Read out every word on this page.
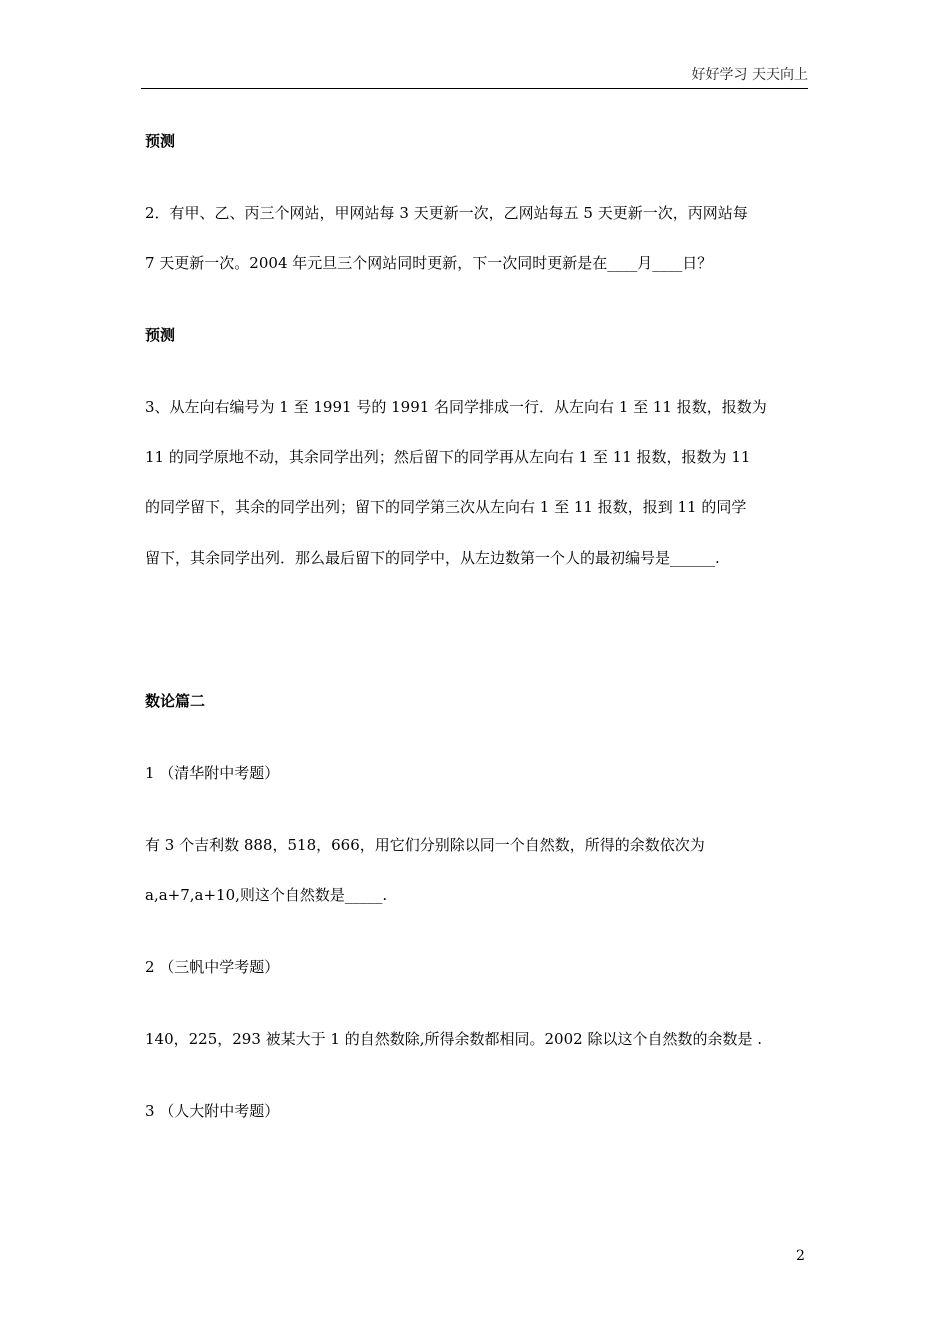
好好学习 天天向上
预测
2．有甲、乙、丙三个网站，甲网站每 3 天更新一次，乙网站每五 5 天更新一次，丙网站每
7 天更新一次。2004 年元旦三个网站同时更新，下一次同时更新是在____月____日？
预测
3、从左向右编号为 1 至 1991 号的 1991 名同学排成一行．从左向右 1 至 11 报数，报数为
11 的同学原地不动，其余同学出列；然后留下的同学再从左向右 1 至 11 报数，报数为 11
的同学留下，其余的同学出列；留下的同学第三次从左向右 1 至 11 报数，报到 11 的同学
留下，其余同学出列．那么最后留下的同学中，从左边数第一个人的最初编号是______.
数论篇二
1 （清华附中考题）
有 3 个吉利数 888，518，666，用它们分别除以同一个自然数，所得的余数依次为
a,a+7,a+10,则这个自然数是_____.
2 （三帆中学考题）
140，225，293 被某大于 1 的自然数除,所得余数都相同。2002 除以这个自然数的余数是 .
3 （人大附中考题）
2
